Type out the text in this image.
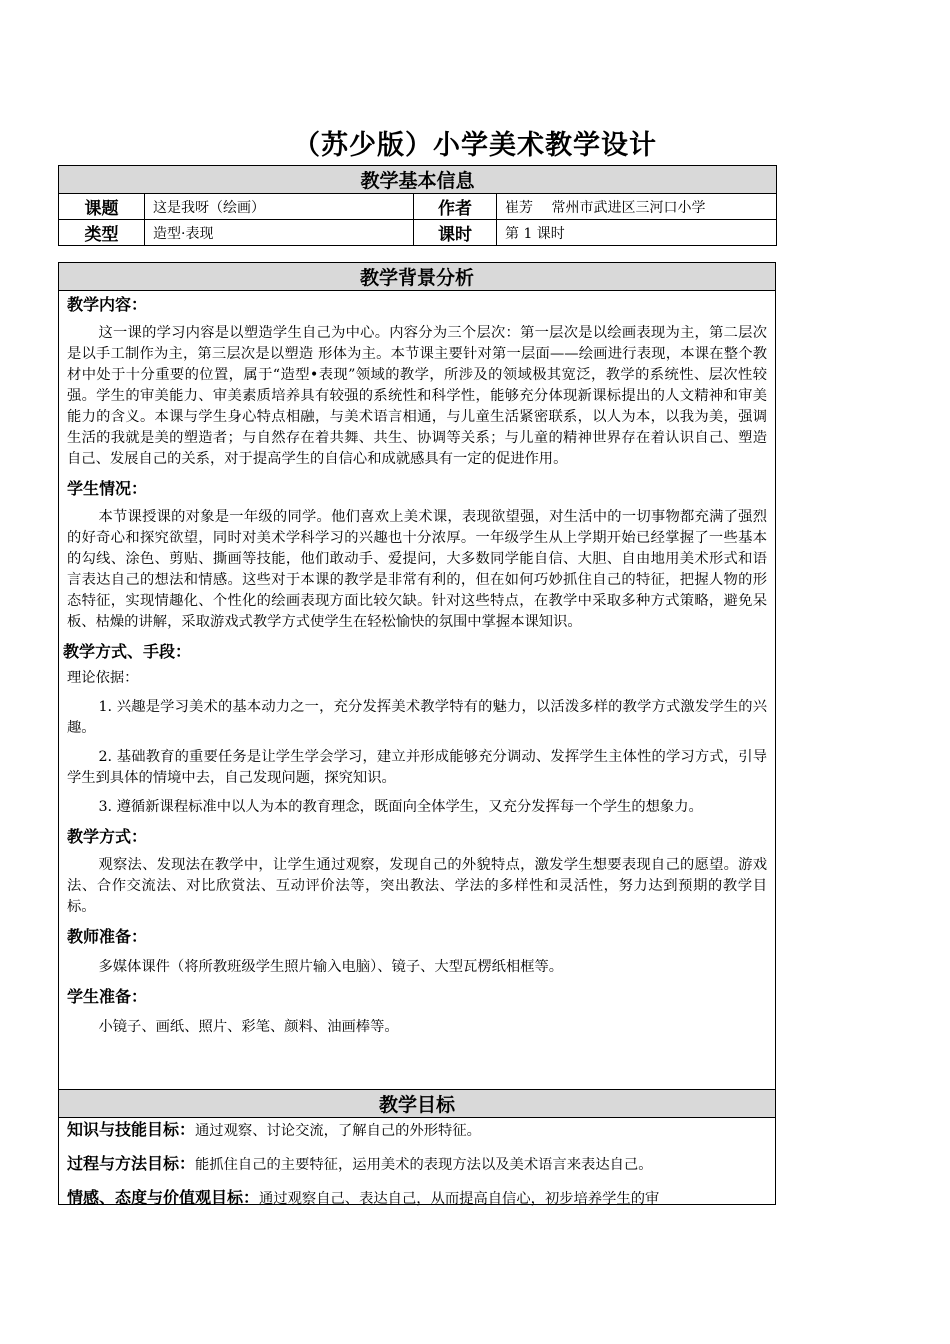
（苏少版）小学美术教学设计
教学基本信息			
课题	这是我呀（绘画）	作者	崔芳　 常州市武进区三河口小学
类型	造型·表现	课时	第 1 课时
教学背景分析

教学内容：

这一课的学习内容是以塑造学生自己为中心。内容分为三个层次：第一层次是以绘画表现为主，第二层次是以手工制作为主，第三层次是以塑造 形体为主。本节课主要针对第一层面——绘画进行表现，本课在整个教材中处于十分重要的位置，属于“造型•表现”领域的教学，所涉及的领域极其宽泛，教学的系统性、层次性较强。学生的审美能力、审美素质培养具有较强的系统性和科学性，能够充分体现新课标提出的人文精神和审美能力的含义。本课与学生身心特点相融，与美术语言相通，与儿童生活紧密联系，以人为本，以我为美，强调生活的我就是美的塑造者；与自然存在着共舞、共生、协调等关系；与儿童的精神世界存在着认识自己、塑造自己、发展自己的关系，对于提高学生的自信心和成就感具有一定的促进作用。

学生情况：

本节课授课的对象是一年级的同学。他们喜欢上美术课，表现欲望强，对生活中的一切事物都充满了强烈的好奇心和探究欲望，同时对美术学科学习的兴趣也十分浓厚。一年级学生从上学期开始已经掌握了一些基本的勾线、涂色、剪贴、撕画等技能，他们敢动手、爱提问，大多数同学能自信、大胆、自由地用美术形式和语言表达自己的想法和情感。这些对于本课的教学是非常有利的，但在如何巧妙抓住自己的特征，把握人物的形态特征，实现情趣化、个性化的绘画表现方面比较欠缺。针对这些特点，在教学中采取多种方式策略，避免呆板、枯燥的讲解，采取游戏式教学方式使学生在轻松愉快的氛围中掌握本课知识。

教学方式、手段：

理论依据：

1. 兴趣是学习美术的基本动力之一，充分发挥美术教学特有的魅力，以活泼多样的教学方式激发学生的兴趣。

2. 基础教育的重要任务是让学生学会学习，建立并形成能够充分调动、发挥学生主体性的学习方式，引导学生到具体的情境中去，自己发现问题，探究知识。

3. 遵循新课程标准中以人为本的教育理念，既面向全体学生，又充分发挥每一个学生的想象力。

教学方式：

观察法、发现法在教学中，让学生通过观察，发现自己的外貌特点，激发学生想要表现自己的愿望。游戏法、合作交流法、对比欣赏法、互动评价法等，突出教法、学法的多样性和灵活性，努力达到预期的教学目标。

教师准备：

多媒体课件（将所教班级学生照片输入电脑）、镜子、大型瓦楞纸相框等。

学生准备：

小镜子、画纸、照片、彩笔、颜料、油画棒等。

教学目标

知识与技能目标：通过观察、讨论交流，了解自己的外形特征。

过程与方法目标：能抓住自己的主要特征，运用美术的表现方法以及美术语言来表达自己。

情感、态度与价值观目标：通过观察自己、表达自己，从而提高自信心，初步培养学生的审
